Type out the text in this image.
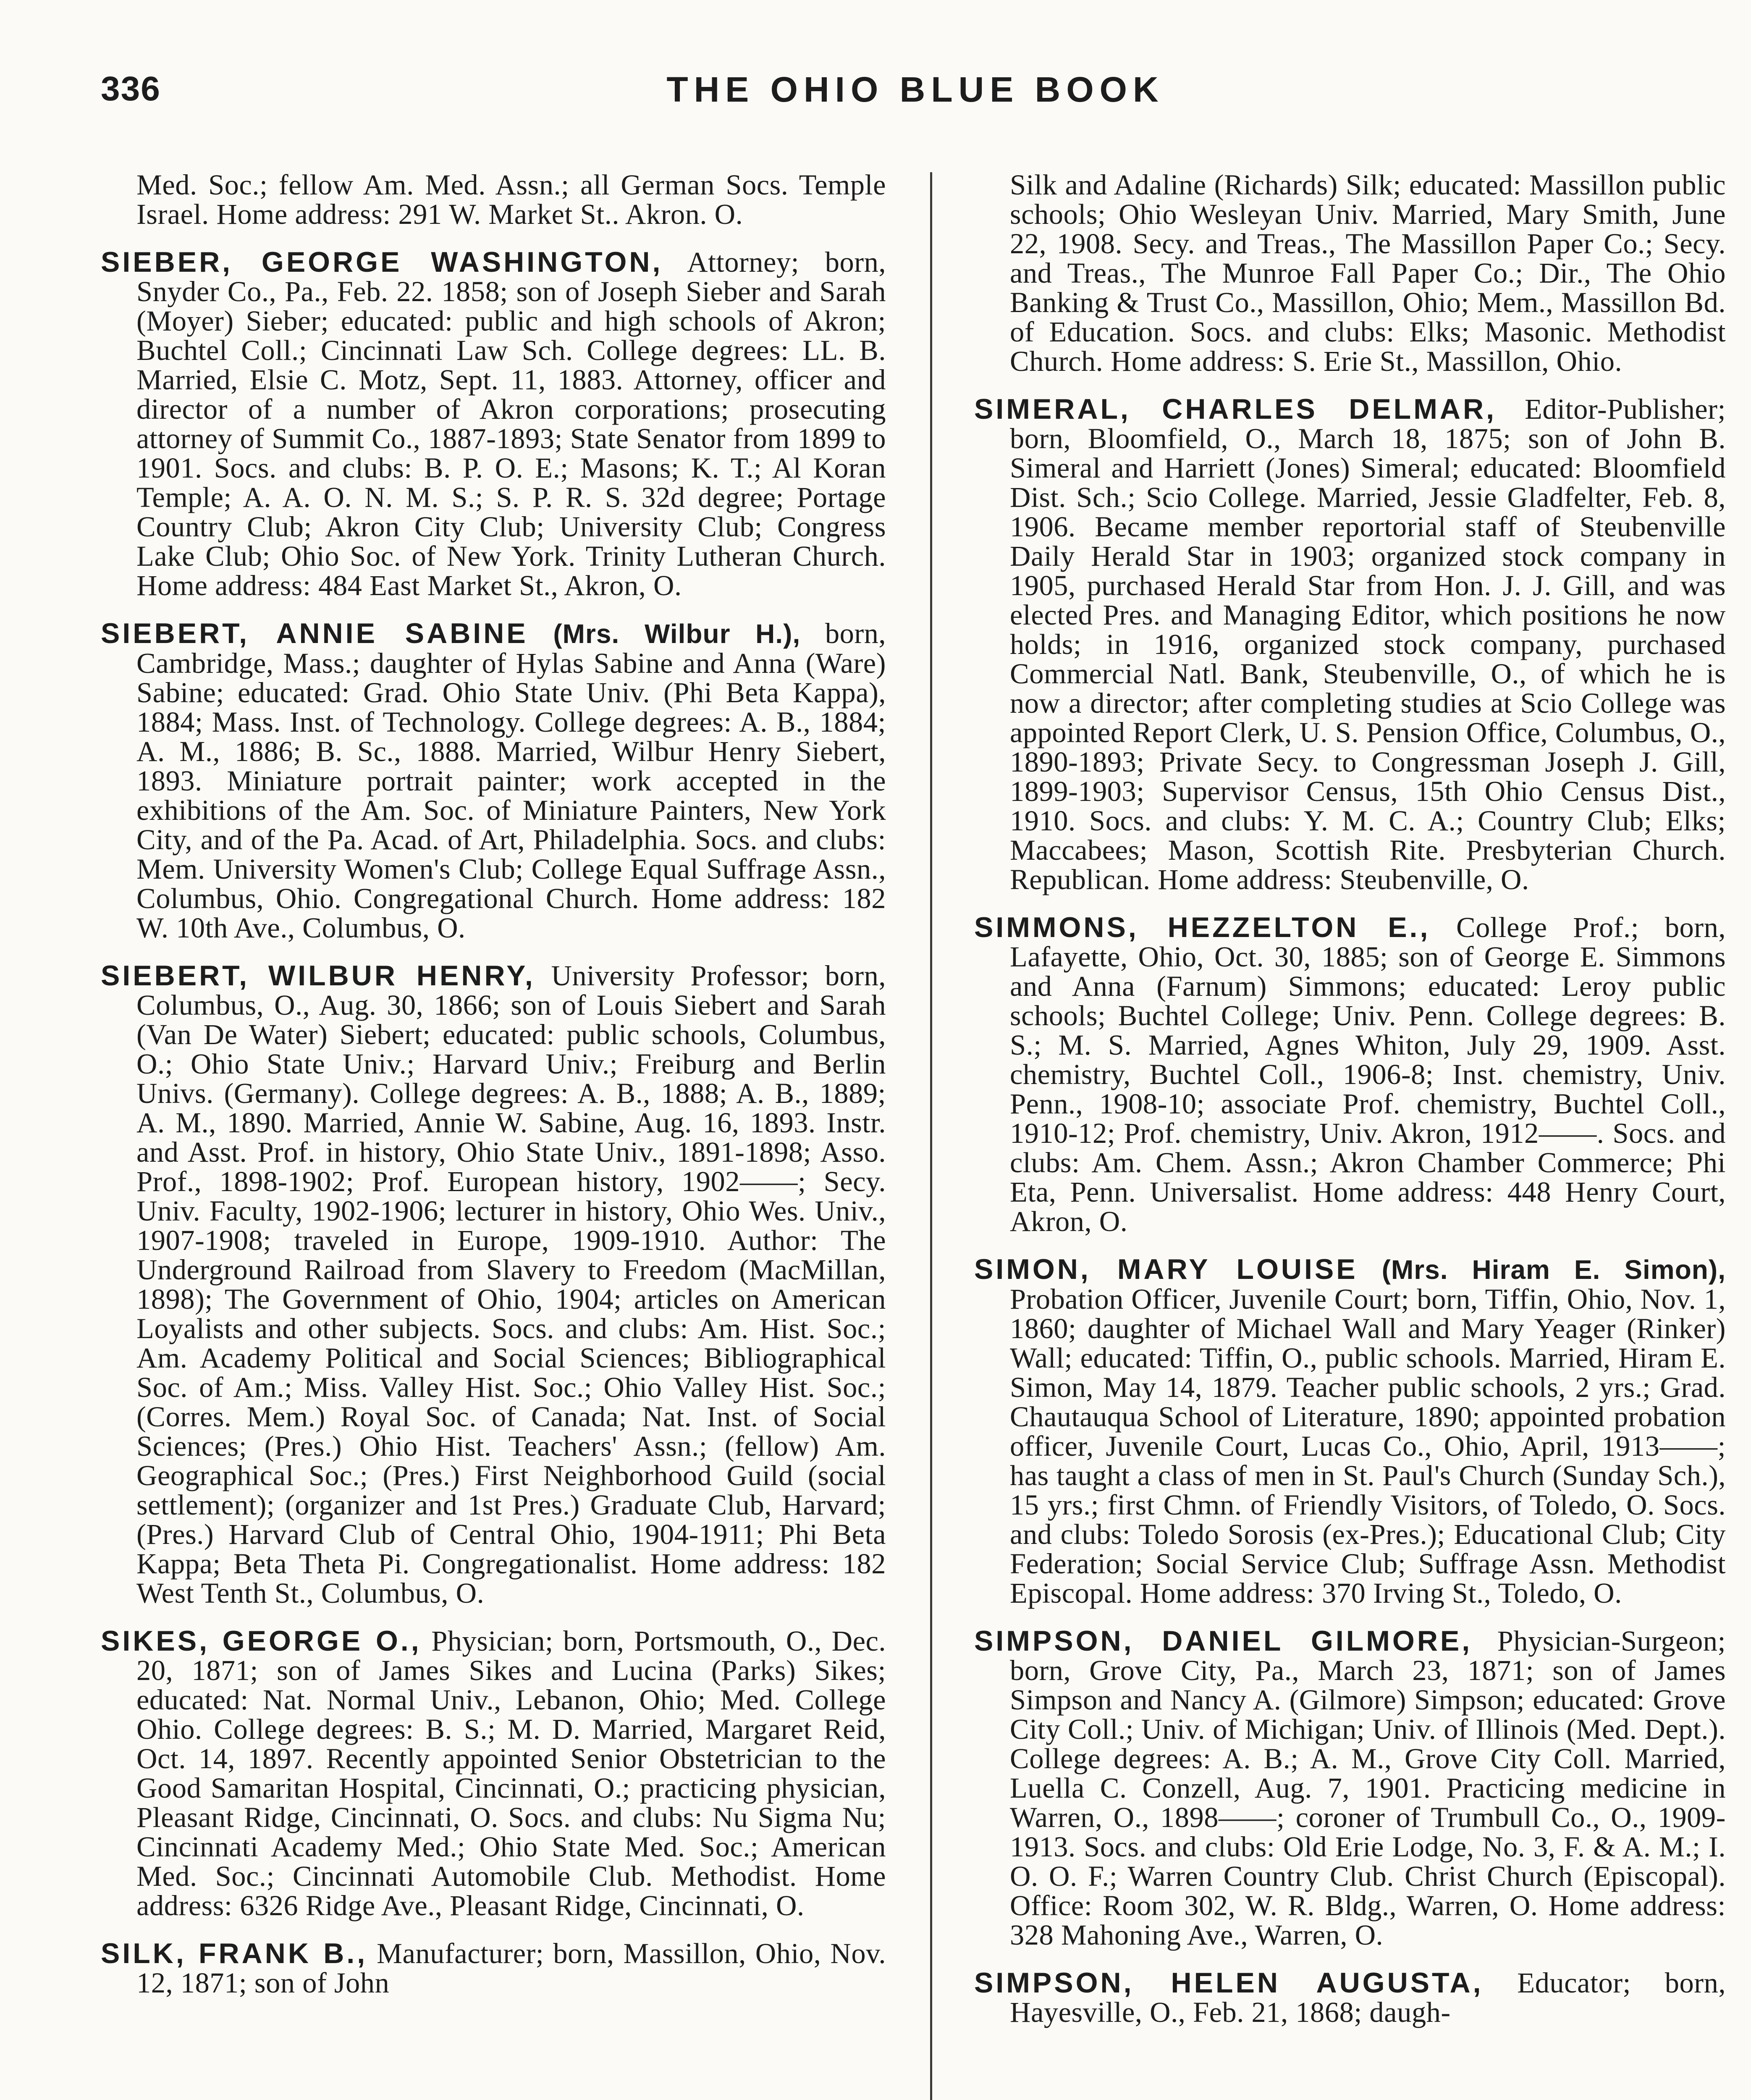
THE OHIO BLUE BOOK
336

Med. Soc.; fellow Am. Med. Assn.; all German Socs. Temple Israel. Home address: 291 W. Market St.. Akron. O.

SIEBER, GEORGE WASHINGTON, Attorney; born, Snyder Co., Pa., Feb. 22. 1858; son of Joseph Sieber and Sarah (Moyer) Sieber; educated: public and high schools of Akron; Buchtel Coll.; Cincinnati Law Sch. College degrees: LL. B. Married, Elsie C. Motz, Sept. 11, 1883. Attorney, officer and director of a number of Akron corporations; prosecuting attorney of Summit Co., 1887-1893; State Senator from 1899 to 1901. Socs. and clubs: B. P. O. E.; Masons; K. T.; Al Koran Temple; A. A. O. N. M. S.; S. P. R. S. 32d degree; Portage Country Club; Akron City Club; University Club; Congress Lake Club; Ohio Soc. of New York. Trinity Lutheran Church. Home address: 484 East Market St., Akron, O.

SIEBERT, ANNIE SABINE (Mrs. Wilbur H.), born, Cambridge, Mass.; daughter of Hylas Sabine and Anna (Ware) Sabine; educated: Grad. Ohio State Univ. (Phi Beta Kappa), 1884; Mass. Inst. of Technology. College degrees: A. B., 1884; A. M., 1886; B. Sc., 1888. Married, Wilbur Henry Siebert, 1893. Miniature portrait painter; work accepted in the exhibitions of the Am. Soc. of Miniature Painters, New York City, and of the Pa. Acad. of Art, Philadelphia. Socs. and clubs: Mem. University Women's Club; College Equal Suffrage Assn., Columbus, Ohio. Congregational Church. Home address: 182 W. 10th Ave., Columbus, O.

SIEBERT, WILBUR HENRY, University Professor; born, Columbus, O., Aug. 30, 1866; son of Louis Siebert and Sarah (Van De Water) Siebert; educated: public schools, Columbus, O.; Ohio State Univ.; Harvard Univ.; Freiburg and Berlin Univs. (Germany). College degrees: A. B., 1888; A. B., 1889; A. M., 1890. Married, Annie W. Sabine, Aug. 16, 1893. Instr. and Asst. Prof. in history, Ohio State Univ., 1891-1898; Asso. Prof., 1898-1902; Prof. European history, 1902——; Secy. Univ. Faculty, 1902-1906; lecturer in history, Ohio Wes. Univ., 1907-1908; traveled in Europe, 1909-1910. Author: The Underground Railroad from Slavery to Freedom (MacMillan, 1898); The Government of Ohio, 1904; articles on American Loyalists and other subjects. Socs. and clubs: Am. Hist. Soc.; Am. Academy Political and Social Sciences; Bibliographical Soc. of Am.; Miss. Valley Hist. Soc.; Ohio Valley Hist. Soc.; (Corres. Mem.) Royal Soc. of Canada; Nat. Inst. of Social Sciences; (Pres.) Ohio Hist. Teachers' Assn.; (fellow) Am. Geographical Soc.; (Pres.) First Neighborhood Guild (social settlement); (organizer and 1st Pres.) Graduate Club, Harvard; (Pres.) Harvard Club of Central Ohio, 1904-1911; Phi Beta Kappa; Beta Theta Pi. Congregationalist. Home address: 182 West Tenth St., Columbus, O.

SIKES, GEORGE O., Physician; born, Portsmouth, O., Dec. 20, 1871; son of James Sikes and Lucina (Parks) Sikes; educated: Nat. Normal Univ., Lebanon, Ohio; Med. College Ohio. College degrees: B. S.; M. D. Married, Margaret Reid, Oct. 14, 1897. Recently appointed Senior Obstetrician to the Good Samaritan Hospital, Cincinnati, O.; practicing physician, Pleasant Ridge, Cincinnati, O. Socs. and clubs: Nu Sigma Nu; Cincinnati Academy Med.; Ohio State Med. Soc.; American Med. Soc.; Cincinnati Automobile Club. Methodist. Home address: 6326 Ridge Ave., Pleasant Ridge, Cincinnati, O.

SILK, FRANK B., Manufacturer; born, Massillon, Ohio, Nov. 12, 1871; son of John

Silk and Adaline (Richards) Silk; educated: Massillon public schools; Ohio Wesleyan Univ. Married, Mary Smith, June 22, 1908. Secy. and Treas., The Massillon Paper Co.; Secy. and Treas., The Munroe Fall Paper Co.; Dir., The Ohio Banking & Trust Co., Massillon, Ohio; Mem., Massillon Bd. of Education. Socs. and clubs: Elks; Masonic. Methodist Church. Home address: S. Erie St., Massillon, Ohio.

SIMERAL, CHARLES DELMAR, Editor-Publisher; born, Bloomfield, O., March 18, 1875; son of John B. Simeral and Harriett (Jones) Simeral; educated: Bloomfield Dist. Sch.; Scio College. Married, Jessie Gladfelter, Feb. 8, 1906. Became member reportorial staff of Steubenville Daily Herald Star in 1903; organized stock company in 1905, purchased Herald Star from Hon. J. J. Gill, and was elected Pres. and Managing Editor, which positions he now holds; in 1916, organized stock company, purchased Commercial Natl. Bank, Steubenville, O., of which he is now a director; after completing studies at Scio College was appointed Report Clerk, U. S. Pension Office, Columbus, O., 1890-1893; Private Secy. to Congressman Joseph J. Gill, 1899-1903; Supervisor Census, 15th Ohio Census Dist., 1910. Socs. and clubs: Y. M. C. A.; Country Club; Elks; Maccabees; Mason, Scottish Rite. Presbyterian Church. Republican. Home address: Steubenville, O.

SIMMONS, HEZZELTON E., College Prof.; born, Lafayette, Ohio, Oct. 30, 1885; son of George E. Simmons and Anna (Farnum) Simmons; educated: Leroy public schools; Buchtel College; Univ. Penn. College degrees: B. S.; M. S. Married, Agnes Whiton, July 29, 1909. Asst. chemistry, Buchtel Coll., 1906-8; Inst. chemistry, Univ. Penn., 1908-10; associate Prof. chemistry, Buchtel Coll., 1910-12; Prof. chemistry, Univ. Akron, 1912——. Socs. and clubs: Am. Chem. Assn.; Akron Chamber Commerce; Phi Eta, Penn. Universalist. Home address: 448 Henry Court, Akron, O.

SIMON, MARY LOUISE (Mrs. Hiram E. Simon), Probation Officer, Juvenile Court; born, Tiffin, Ohio, Nov. 1, 1860; daughter of Michael Wall and Mary Yeager (Rinker) Wall; educated: Tiffin, O., public schools. Married, Hiram E. Simon, May 14, 1879. Teacher public schools, 2 yrs.; Grad. Chautauqua School of Literature, 1890; appointed probation officer, Juvenile Court, Lucas Co., Ohio, April, 1913——; has taught a class of men in St. Paul's Church (Sunday Sch.), 15 yrs.; first Chmn. of Friendly Visitors, of Toledo, O. Socs. and clubs: Toledo Sorosis (ex-Pres.); Educational Club; City Federation; Social Service Club; Suffrage Assn. Methodist Episcopal. Home address: 370 Irving St., Toledo, O.

SIMPSON, DANIEL GILMORE, Physician-Surgeon; born, Grove City, Pa., March 23, 1871; son of James Simpson and Nancy A. (Gilmore) Simpson; educated: Grove City Coll.; Univ. of Michigan; Univ. of Illinois (Med. Dept.). College degrees: A. B.; A. M., Grove City Coll. Married, Luella C. Conzell, Aug. 7, 1901. Practicing medicine in Warren, O., 1898——; coroner of Trumbull Co., O., 1909-1913. Socs. and clubs: Old Erie Lodge, No. 3, F. & A. M.; I. O. O. F.; Warren Country Club. Christ Church (Episcopal). Office: Room 302, W. R. Bldg., Warren, O. Home address: 328 Mahoning Ave., Warren, O.

SIMPSON, HELEN AUGUSTA, Educator; born, Hayesville, O., Feb. 21, 1868; daugh-
